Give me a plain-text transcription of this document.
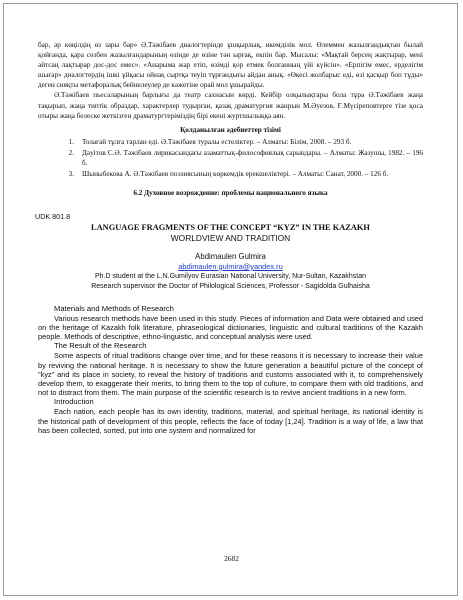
бар, әр көңілдің өз зары бар» Ә.Тәжібаев диалогтерінде ұшқырлық, икемділік мол. Өлеммен жазылғандықтан былай қойғанда, қара сөзбен жазылғандарының өзінде де өзіне тән ырғақ, екпін бар. Мысалы: «Мақтай берсең жақтырар, мені айтсаң лақтырар дос-дос емес». «Анарыма жар етіп, өзімді қор етмек болғанның үйі күйсін». «Ерпігім емес, ерделігім шығар» диалогтердің ішкі ұйқасы ойнақ сыртқа теуіп тұрғандығы айдан анық. «Өкесі жолбарыс еді, өзі қасқыр боп тұды» деген сияқты метафоралық бейнелеулер де кәжетіне орай мол ұшырайды.

Ә.Тәжібаев пьесаларының барлығы да театр сахнасын көрді. Кейбір олқылықтары бола тұра Ә.Тәжібаев жаңа тақырып, жаңа типтік образдар, характерлер тудырған, қазақ драматургия жанрын М.Әуезов, Ғ.Мүсіреповтерге тізе қоса отыры жаңа белеске жеткізген драматургтеріміздің бірі екені журтшылыққа аян.

Қолданылған әдебиеттер тізімі
1.	Толағай тұлға тарлан еді. Ә.Тәжібаев туралы естеліктер. – Алматы: Білім, 2008. – 293 б.
2.	Дәуітов С.Ә. Тәжібаев лирикасындағы азаматтық-философиялық сарындары. – Алматы: Жазушы, 1982. – 196 б.
3.	Шыныбекова А. Ә.Тәжібаев поэзиясының көркемдік ерекшеліктері. – Алматы: Санат, 2000. – 126 б.
6.2 Духовное возрождение: проблемы национального языка
UDK 801.8
LANGUAGE FRAGMENTS OF THE CONCEPT “KYZ” IN THE KAZAKH
WORLDVIEW AND TRADITION
Abdimaulen Gulmira
abdimaulen.gulmira@yandex.ru
Ph.D student at the L.N.Gumilyov Eurasian National University, Nur-Sultan, Kazakhstan
Research supervisor the Doctor of Philological Sciences, Professor - Sagidolda Gulhaisha
Materials and Methods of Research

Various research methods have been used in this study. Pieces of information and Data were obtained and used on the heritage of Kazakh folk literature, phraseological dictionaries, linguistic and cultural traditions of the Kazakh people. Methods of descriptive, ethno-linguistic, and conceptual analysis were used.

The Result of the Research

Some aspects of ritual traditions change over time, and for these reasons it is necessary to increase their value by reviving the national heritage. It is necessary to show the future generation a beautiful picture of the concept of "kyz" and its place in society, to reveal the history of traditions and customs associated with it, to comprehensively develop them, to exaggerate their merits, to bring them to the top of culture, to compare them with old traditions, and not to distract from them. The main purpose of the scientific research is to revive ancient traditions in a new form.

Introduction

Each nation, each people has its own identity, traditions, material, and spiritual heritage, its national identity is the historical path of development of this people, reflects the face of today [1,24]. Tradition is a way of life, a law that has been collected, sorted, put into one system and normalized for

2682
